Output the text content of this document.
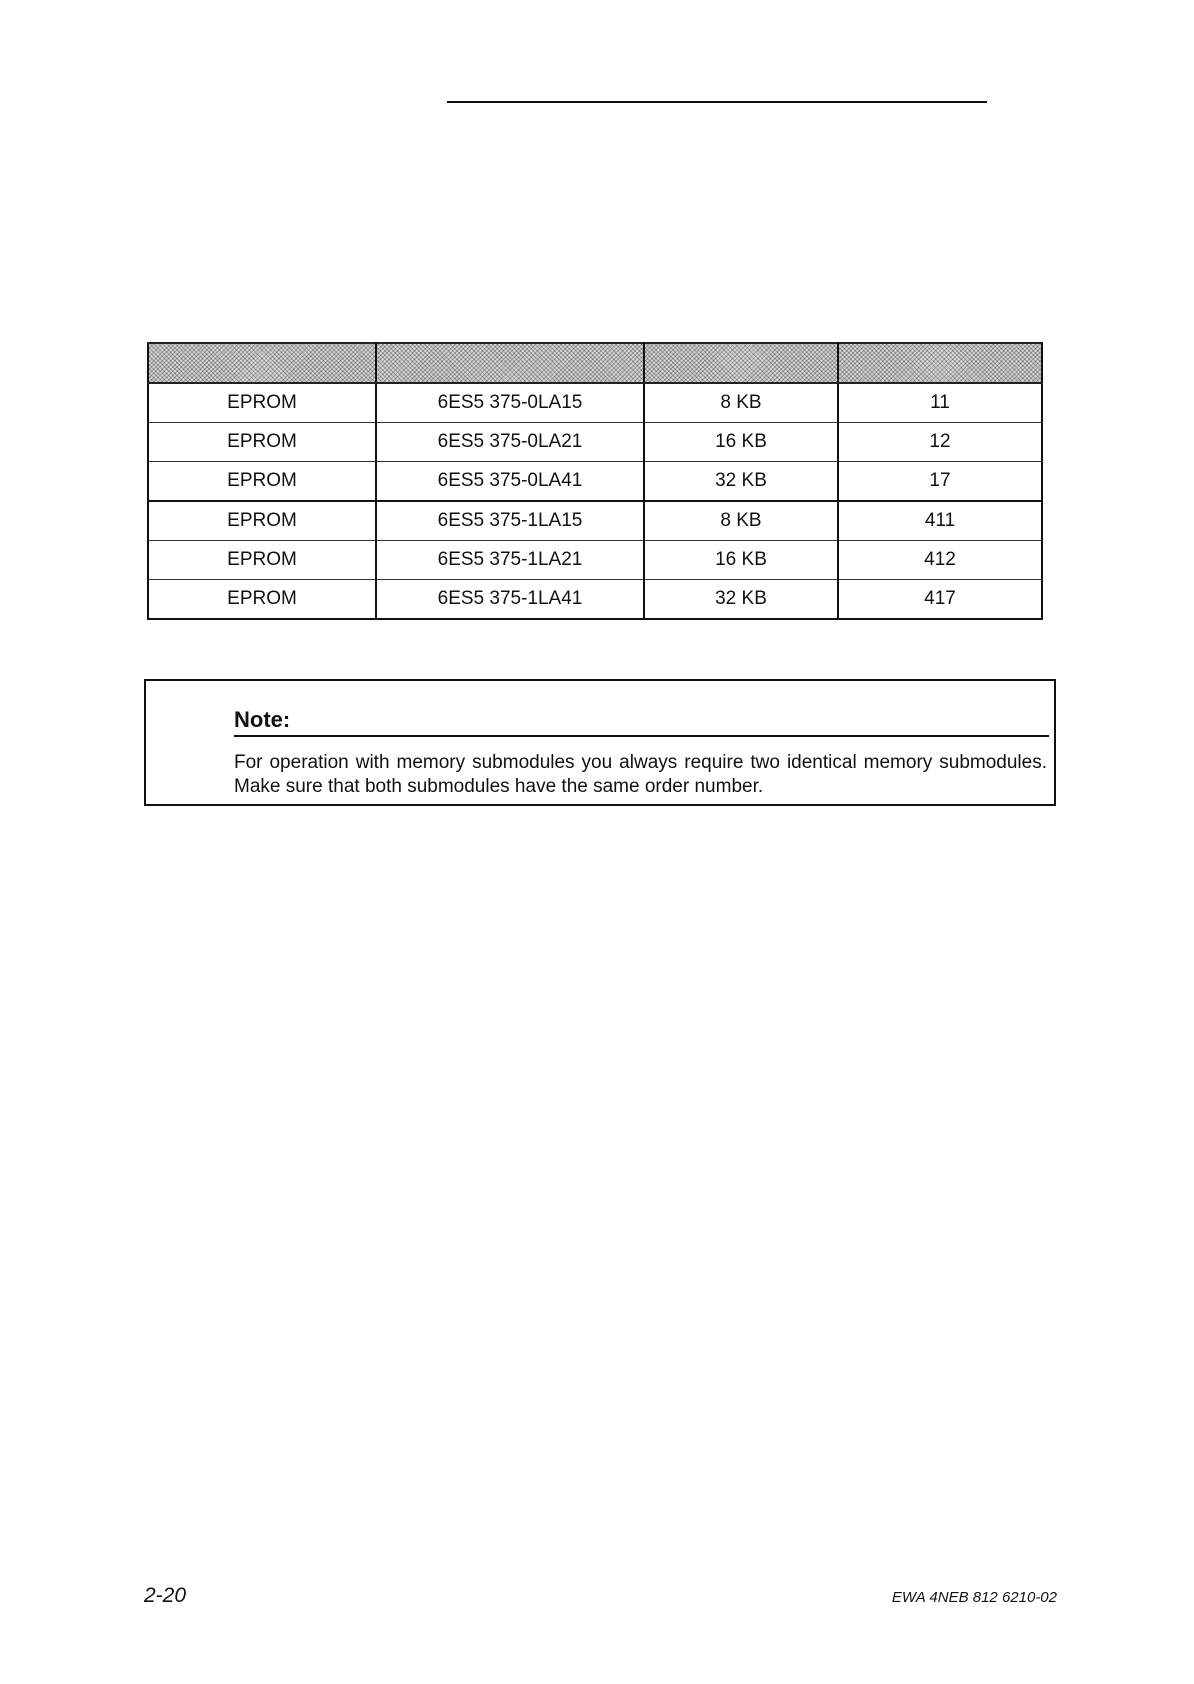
EPROM	6ES5 375-0LA15	8 KB	11
EPROM	6ES5 375-0LA21	16 KB	12
EPROM	6ES5 375-0LA41	32 KB	17
EPROM	6ES5 375-1LA15	8 KB	411
EPROM	6ES5 375-1LA21	16 KB	412
EPROM	6ES5 375-1LA41	32 KB	417
Note:
For operation with memory submodules you always require two identical memory submodules. Make sure that both submodules have the same order number.
2-20	EWA 4NEB 812 6210-02
